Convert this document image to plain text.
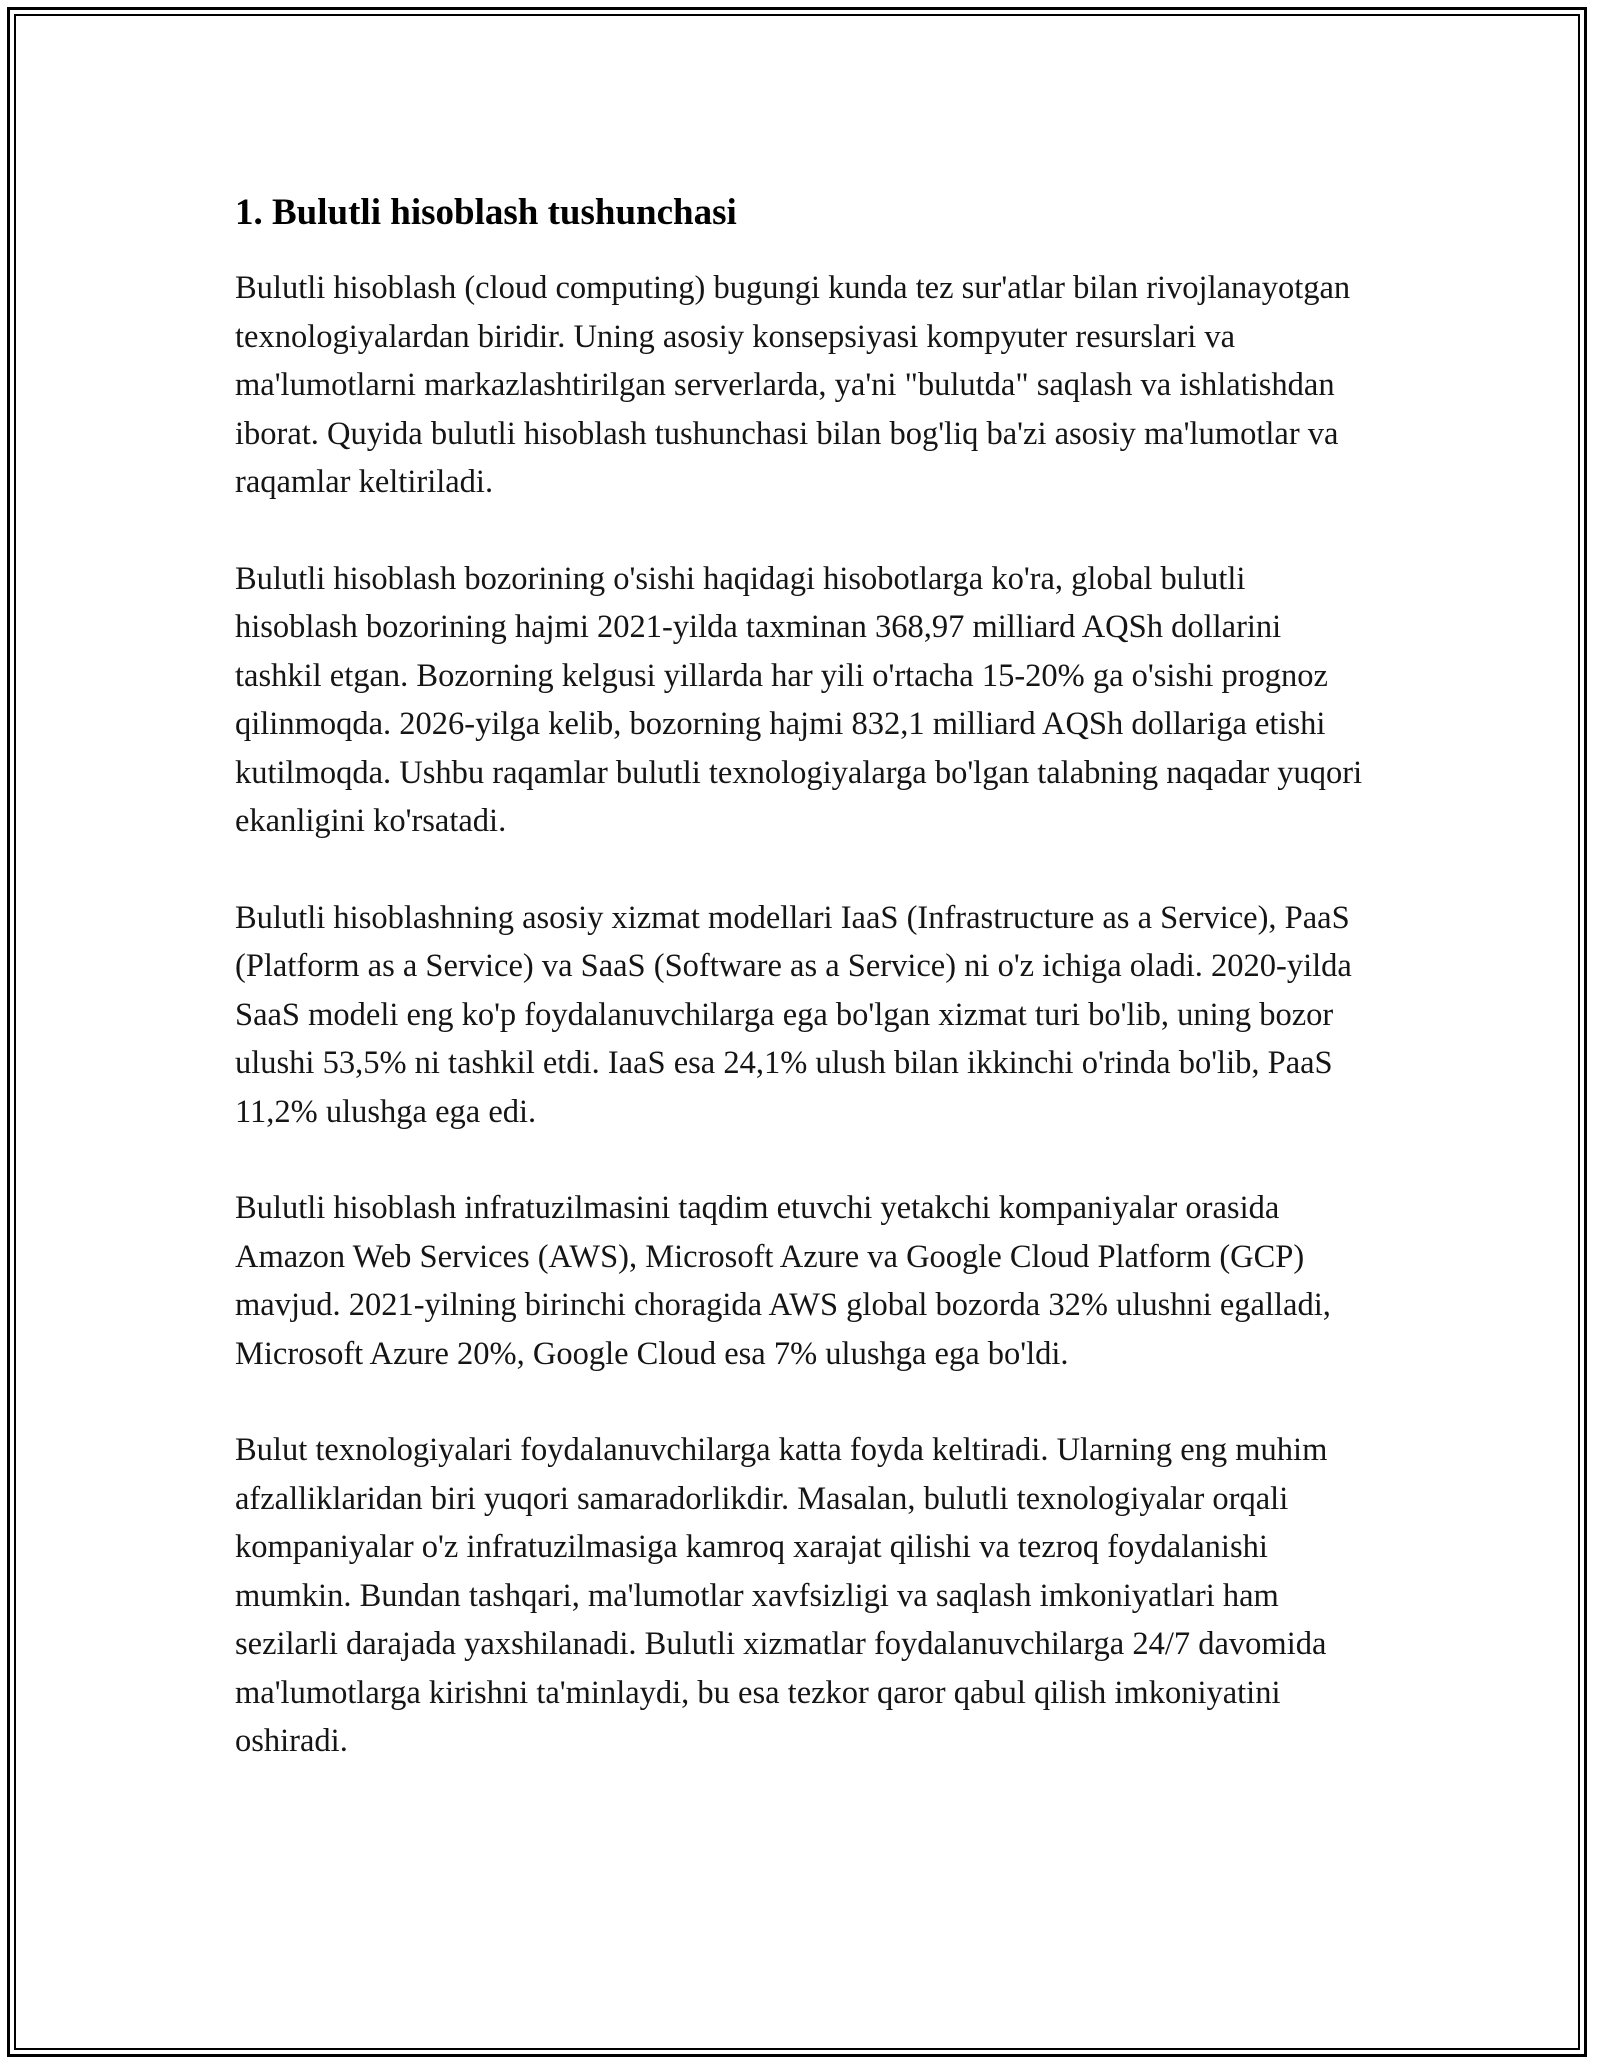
1. Bulutli hisoblash tushunchasi

Bulutli hisoblash (cloud computing) bugungi kunda tez sur'atlar bilan rivojlanayotgan texnologiyalardan biridir. Uning asosiy konsepsiyasi kompyuter resurslari va ma'lumotlarni markazlashtirilgan serverlarda, ya'ni "bulutda" saqlash va ishlatishdan iborat. Quyida bulutli hisoblash tushunchasi bilan bog'liq ba'zi asosiy ma'lumotlar va raqamlar keltiriladi.

Bulutli hisoblash bozorining o'sishi haqidagi hisobotlarga ko'ra, global bulutli hisoblash bozorining hajmi 2021-yilda taxminan 368,97 milliard AQSh dollarini tashkil etgan. Bozorning kelgusi yillarda har yili o'rtacha 15-20% ga o'sishi prognoz qilinmoqda. 2026-yilga kelib, bozorning hajmi 832,1 milliard AQSh dollariga etishi kutilmoqda. Ushbu raqamlar bulutli texnologiyalarga bo'lgan talabning naqadar yuqori ekanligini ko'rsatadi.

Bulutli hisoblashning asosiy xizmat modellari IaaS (Infrastructure as a Service), PaaS (Platform as a Service) va SaaS (Software as a Service) ni o'z ichiga oladi. 2020-yilda SaaS modeli eng ko'p foydalanuvchilarga ega bo'lgan xizmat turi bo'lib, uning bozor ulushi 53,5% ni tashkil etdi. IaaS esa 24,1% ulush bilan ikkinchi o'rinda bo'lib, PaaS 11,2% ulushga ega edi.

Bulutli hisoblash infratuzilmasini taqdim etuvchi yetakchi kompaniyalar orasida Amazon Web Services (AWS), Microsoft Azure va Google Cloud Platform (GCP) mavjud. 2021-yilning birinchi choragida AWS global bozorda 32% ulushni egalladi, Microsoft Azure 20%, Google Cloud esa 7% ulushga ega bo'ldi.

Bulut texnologiyalari foydalanuvchilarga katta foyda keltiradi. Ularning eng muhim afzalliklaridan biri yuqori samaradorlikdir. Masalan, bulutli texnologiyalar orqali kompaniyalar o'z infratuzilmasiga kamroq xarajat qilishi va tezroq foydalanishi mumkin. Bundan tashqari, ma'lumotlar xavfsizligi va saqlash imkoniyatlari ham sezilarli darajada yaxshilanadi. Bulutli xizmatlar foydalanuvchilarga 24/7 davomida ma'lumotlarga kirishni ta'minlaydi, bu esa tezkor qaror qabul qilish imkoniyatini oshiradi.
